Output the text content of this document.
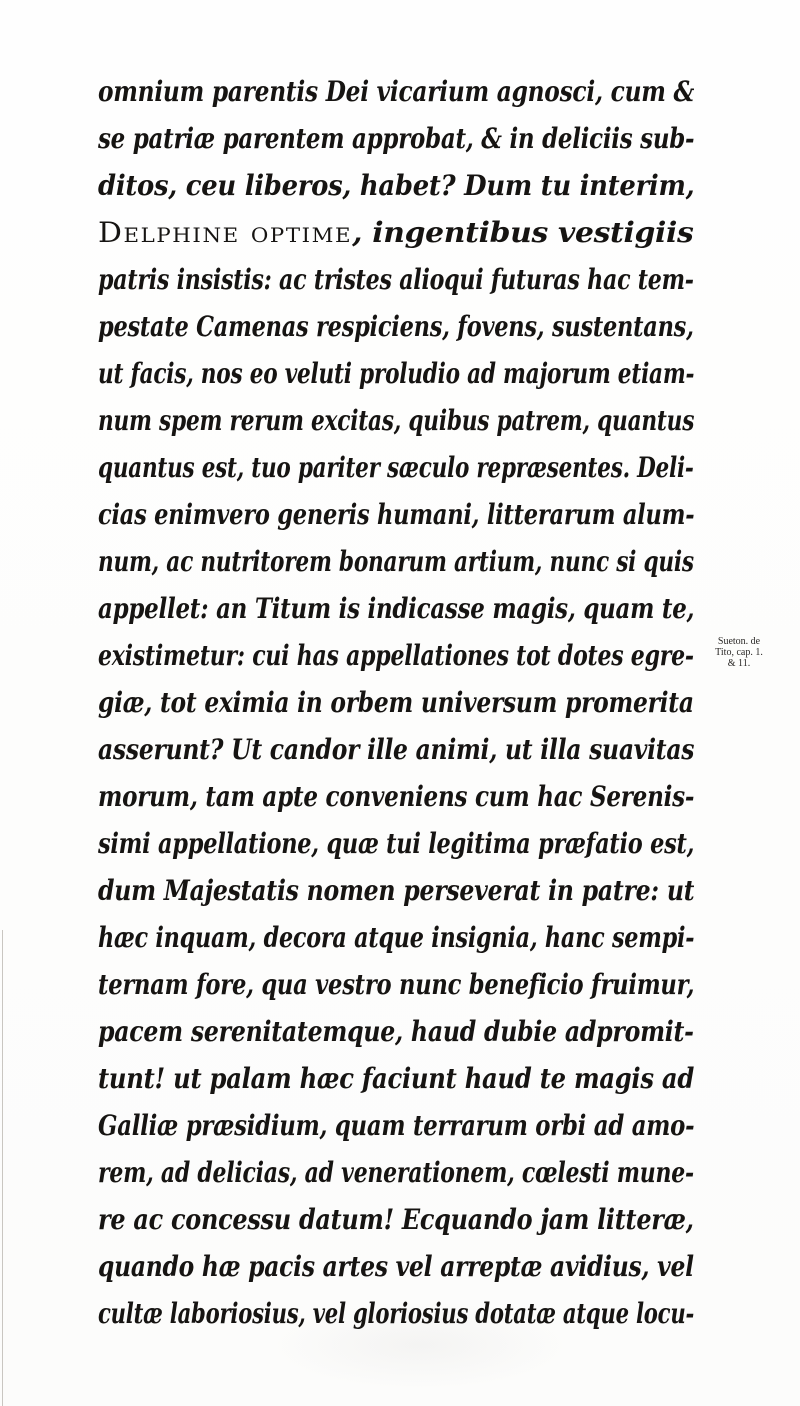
omnium parentis Dei vicarium agnosci, cum &
se patriæ parentem approbat, & in deliciis sub-
ditos, ceu liberos, habet? Dum tu interim,
Delphine optime, ingentibus vestigiis
patris insistis: ac tristes alioqui futuras hac tem-
pestate Camenas respiciens, fovens, sustentans,
ut facis, nos eo veluti proludio ad majorum etiam-
num spem rerum excitas, quibus patrem, quantus
quantus est, tuo pariter sæculo repræsentes. Deli-
cias enimvero generis humani, litterarum alum-
num, ac nutritorem bonarum artium, nunc si quis
appellet: an Titum is indicasse magis, quam te,
existimetur: cui has appellationes tot dotes egre-
giæ, tot eximia in orbem universum promerita
asserunt? Ut candor ille animi, ut illa suavitas
morum, tam apte conveniens cum hac Serenis-
simi appellatione, quæ tui legitima præfatio est,
dum Majestatis nomen perseverat in patre: ut
hæc inquam, decora atque insignia, hanc sempi-
ternam fore, qua vestro nunc beneficio fruimur,
pacem serenitatemque, haud dubie adpromit-
tunt! ut palam hæc faciunt haud te magis ad
Galliæ præsidium, quam terrarum orbi ad amo-
rem, ad delicias, ad venerationem, cœlesti mune-
re ac concessu datum! Ecquando jam litteræ,
quando hæ pacis artes vel arreptæ avidius, vel
cultæ laboriosius, vel gloriosius dotatæ atque locu-
Sueton. de
Tito, cap. 1.
& 11.
